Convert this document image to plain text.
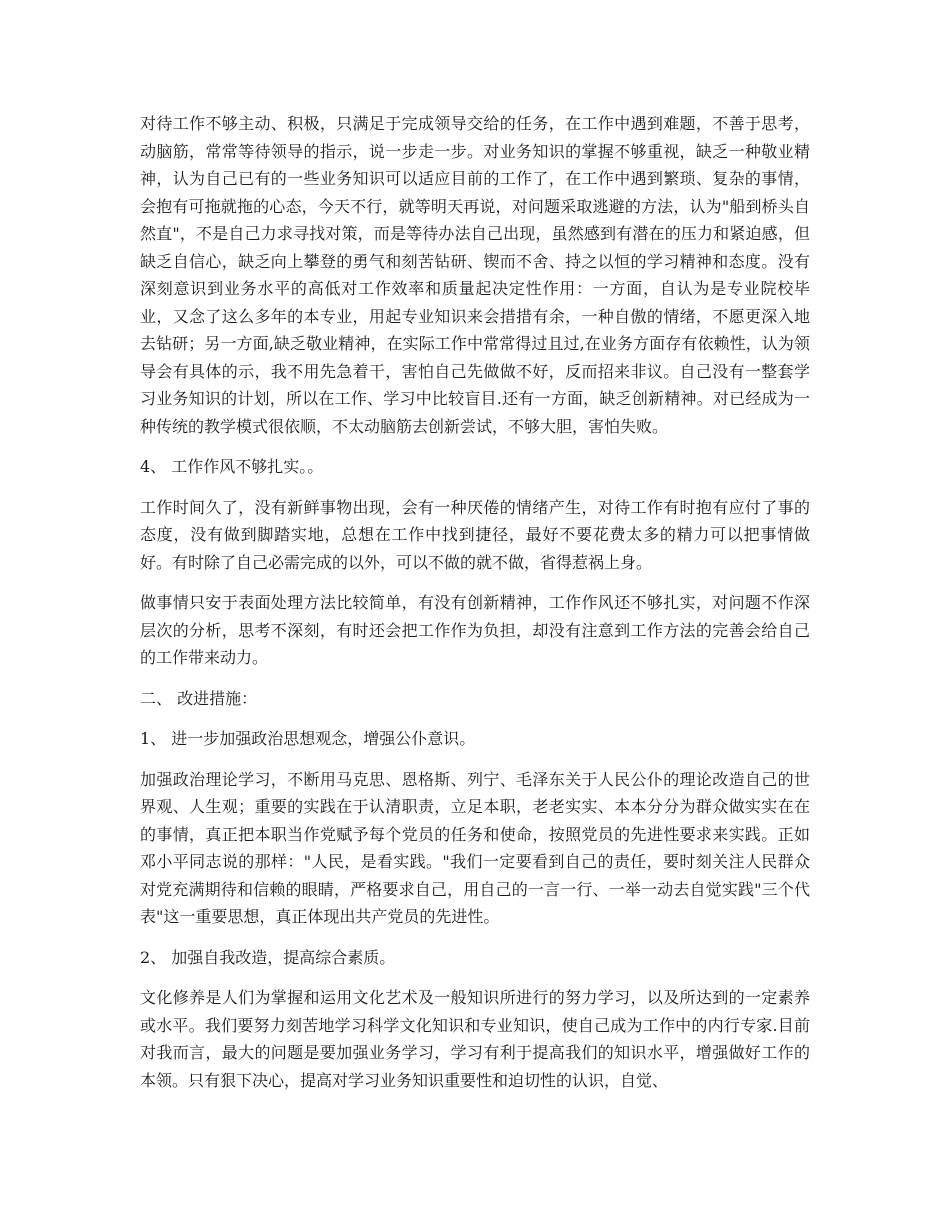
对待工作不够主动、积极，只满足于完成领导交给的任务，在工作中遇到难题，不善于思考，动脑筋，常常等待领导的指示，说一步走一步。对业务知识的掌握不够重视，缺乏一种敬业精神，认为自己已有的一些业务知识可以适应目前的工作了，在工作中遇到繁琐、复杂的事情，会抱有可拖就拖的心态，今天不行，就等明天再说，对问题采取逃避的方法，认为"船到桥头自然直"，不是自己力求寻找对策，而是等待办法自己出现，虽然感到有潜在的压力和紧迫感，但缺乏自信心，缺乏向上攀登的勇气和刻苦钻研、锲而不舍、持之以恒的学习精神和态度。没有深刻意识到业务水平的高低对工作效率和质量起决定性作用：一方面，自认为是专业院校毕业，又念了这么多年的本专业，用起专业知识来会措措有余，一种自傲的情绪，不愿更深入地去钻研；另一方面,缺乏敬业精神，在实际工作中常常得过且过,在业务方面存有依赖性，认为领导会有具体的示，我不用先急着干，害怕自己先做做不好，反而招来非议。自己没有一整套学习业务知识的计划，所以在工作、学习中比较盲目.还有一方面，缺乏创新精神。对已经成为一种传统的教学模式很依顺，不太动脑筋去创新尝试，不够大胆，害怕失败。

4、 工作作风不够扎实。。

工作时间久了，没有新鲜事物出现，会有一种厌倦的情绪产生，对待工作有时抱有应付了事的态度，没有做到脚踏实地，总想在工作中找到捷径，最好不要花费太多的精力可以把事情做好。有时除了自己必需完成的以外，可以不做的就不做，省得惹祸上身。

做事情只安于表面处理方法比较简单，有没有创新精神，工作作风还不够扎实，对问题不作深层次的分析，思考不深刻，有时还会把工作作为负担，却没有注意到工作方法的完善会给自己的工作带来动力。

二、 改进措施：

1、 进一步加强政治思想观念，增强公仆意识。

加强政治理论学习，不断用马克思、恩格斯、列宁、毛泽东关于人民公仆的理论改造自己的世界观、人生观；重要的实践在于认清职责，立足本职，老老实实、本本分分为群众做实实在在的事情，真正把本职当作党赋予每个党员的任务和使命，按照党员的先进性要求来实践。正如邓小平同志说的那样："人民，是看实践。"我们一定要看到自己的责任，要时刻关注人民群众对党充满期待和信赖的眼睛，严格要求自己，用自己的一言一行、一举一动去自觉实践"三个代表"这一重要思想，真正体现出共产党员的先进性。

2、 加强自我改造，提高综合素质。

文化修养是人们为掌握和运用文化艺术及一般知识所进行的努力学习，以及所达到的一定素养或水平。我们要努力刻苦地学习科学文化知识和专业知识，使自己成为工作中的内行专家.目前对我而言，最大的问题是要加强业务学习，学习有利于提高我们的知识水平，增强做好工作的本领。只有狠下决心，提高对学习业务知识重要性和迫切性的认识，自觉、
